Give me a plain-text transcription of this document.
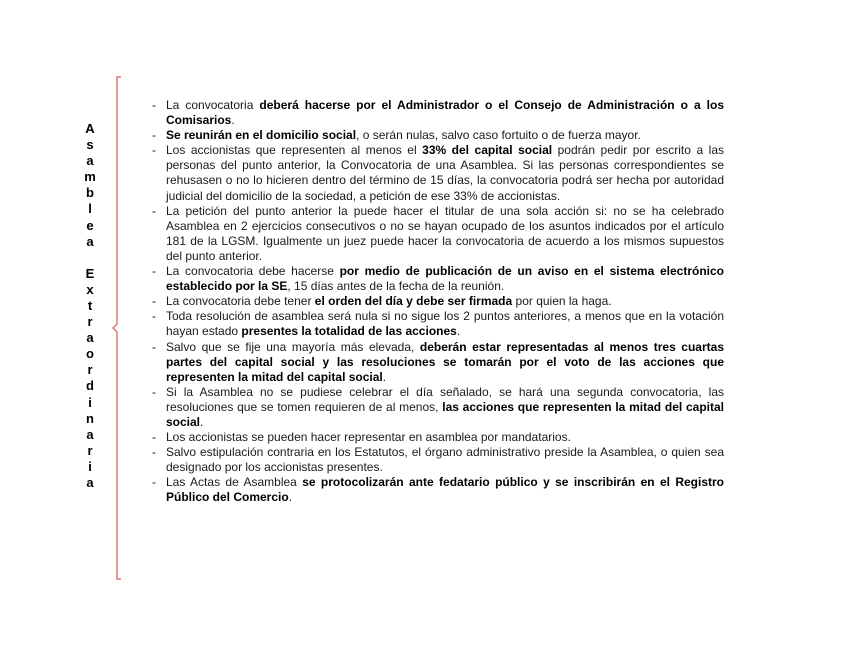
A
s
a
m
b
l
e
a
E
x
t
r
a
o
r
d
i
n
a
r
i
a
- La convocatoria deberá hacerse por el Administrador o el Consejo de Administración o a los Comisarios.
- Se reunirán en el domicilio social, o serán nulas, salvo caso fortuito o de fuerza mayor.
- Los accionistas que representen al menos el 33% del capital social podrán pedir por escrito a las personas del punto anterior, la Convocatoria de una Asamblea. Si las personas correspondientes se rehusasen o no lo hicieren dentro del término de 15 días, la convocatoria podrá ser hecha por autoridad judicial del domicilio de la sociedad, a petición de ese 33% de accionistas.
- La petición del punto anterior la puede hacer el titular de una sola acción si: no se ha celebrado Asamblea en 2 ejercicios consecutivos o no se hayan ocupado de los asuntos indicados por el artículo 181 de la LGSM. Igualmente un juez puede hacer la convocatoria de acuerdo a los mismos supuestos del punto anterior.
- La convocatoria debe hacerse por medio de publicación de un aviso en el sistema electrónico establecido por la SE, 15 días antes de la fecha de la reunión.
- La convocatoria debe tener el orden del día y debe ser firmada por quien la haga.
- Toda resolución de asamblea será nula si no sigue los 2 puntos anteriores, a menos que en la votación hayan estado presentes la totalidad de las acciones.
- Salvo que se fije una mayoría más elevada, deberán estar representadas al menos tres cuartas partes del capital social y las resoluciones se tomarán por el voto de las acciones que representen la mitad del capital social.
- Si la Asamblea no se pudiese celebrar el día señalado, se hará una segunda convocatoria, las resoluciones que se tomen requieren de al menos, las acciones que representen la mitad del capital social.
- Los accionistas se pueden hacer representar en asamblea por mandatarios.
- Salvo estipulación contraria en los Estatutos, el órgano administrativo preside la Asamblea, o quien sea designado por los accionistas presentes.
- Las Actas de Asamblea se protocolizarán ante fedatario público y se inscribirán en el Registro Público del Comercio.
